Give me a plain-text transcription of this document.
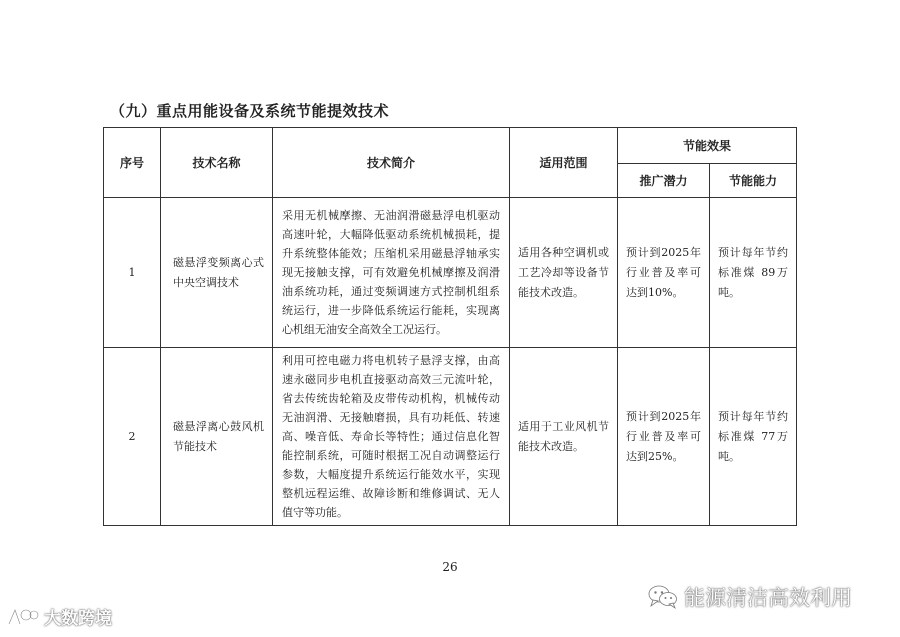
（九）重点用能设备及系统节能提效技术
序号	技术名称	技术简介	适用范围	节能效果	
				推广潜力	节能能力
1	磁悬浮变频离心式中央空调技术	采用无机械摩擦、无油润滑磁悬浮电机驱动高速叶轮，大幅降低驱动系统机械损耗，提升系统整体能效；压缩机采用磁悬浮轴承实现无接触支撑，可有效避免机械摩擦及润滑油系统功耗，通过变频调速方式控制机组系统运行，进一步降低系统运行能耗，实现离心机组无油安全高效全工况运行。	适用各种空调机或工艺冷却等设备节能技术改造。	预计到2025年行业普及率可达到10%。	预计每年节约标准煤 89万吨。
2	磁悬浮离心鼓风机节能技术	利用可控电磁力将电机转子悬浮支撑，由高速永磁同步电机直接驱动高效三元流叶轮，省去传统齿轮箱及皮带传动机构，机械传动无油润滑、无接触磨损，具有功耗低、转速高、噪音低、寿命长等特性；通过信息化智能控制系统，可随时根据工况自动调整运行参数，大幅度提升系统运行能效水平，实现整机远程运维、故障诊断和维修调试、无人值守等功能。	适用于工业风机节能技术改造。	预计到2025年行业普及率可达到25%。	预计每年节约标准煤 77万吨。
26
大数跨境
能源清洁高效利用
